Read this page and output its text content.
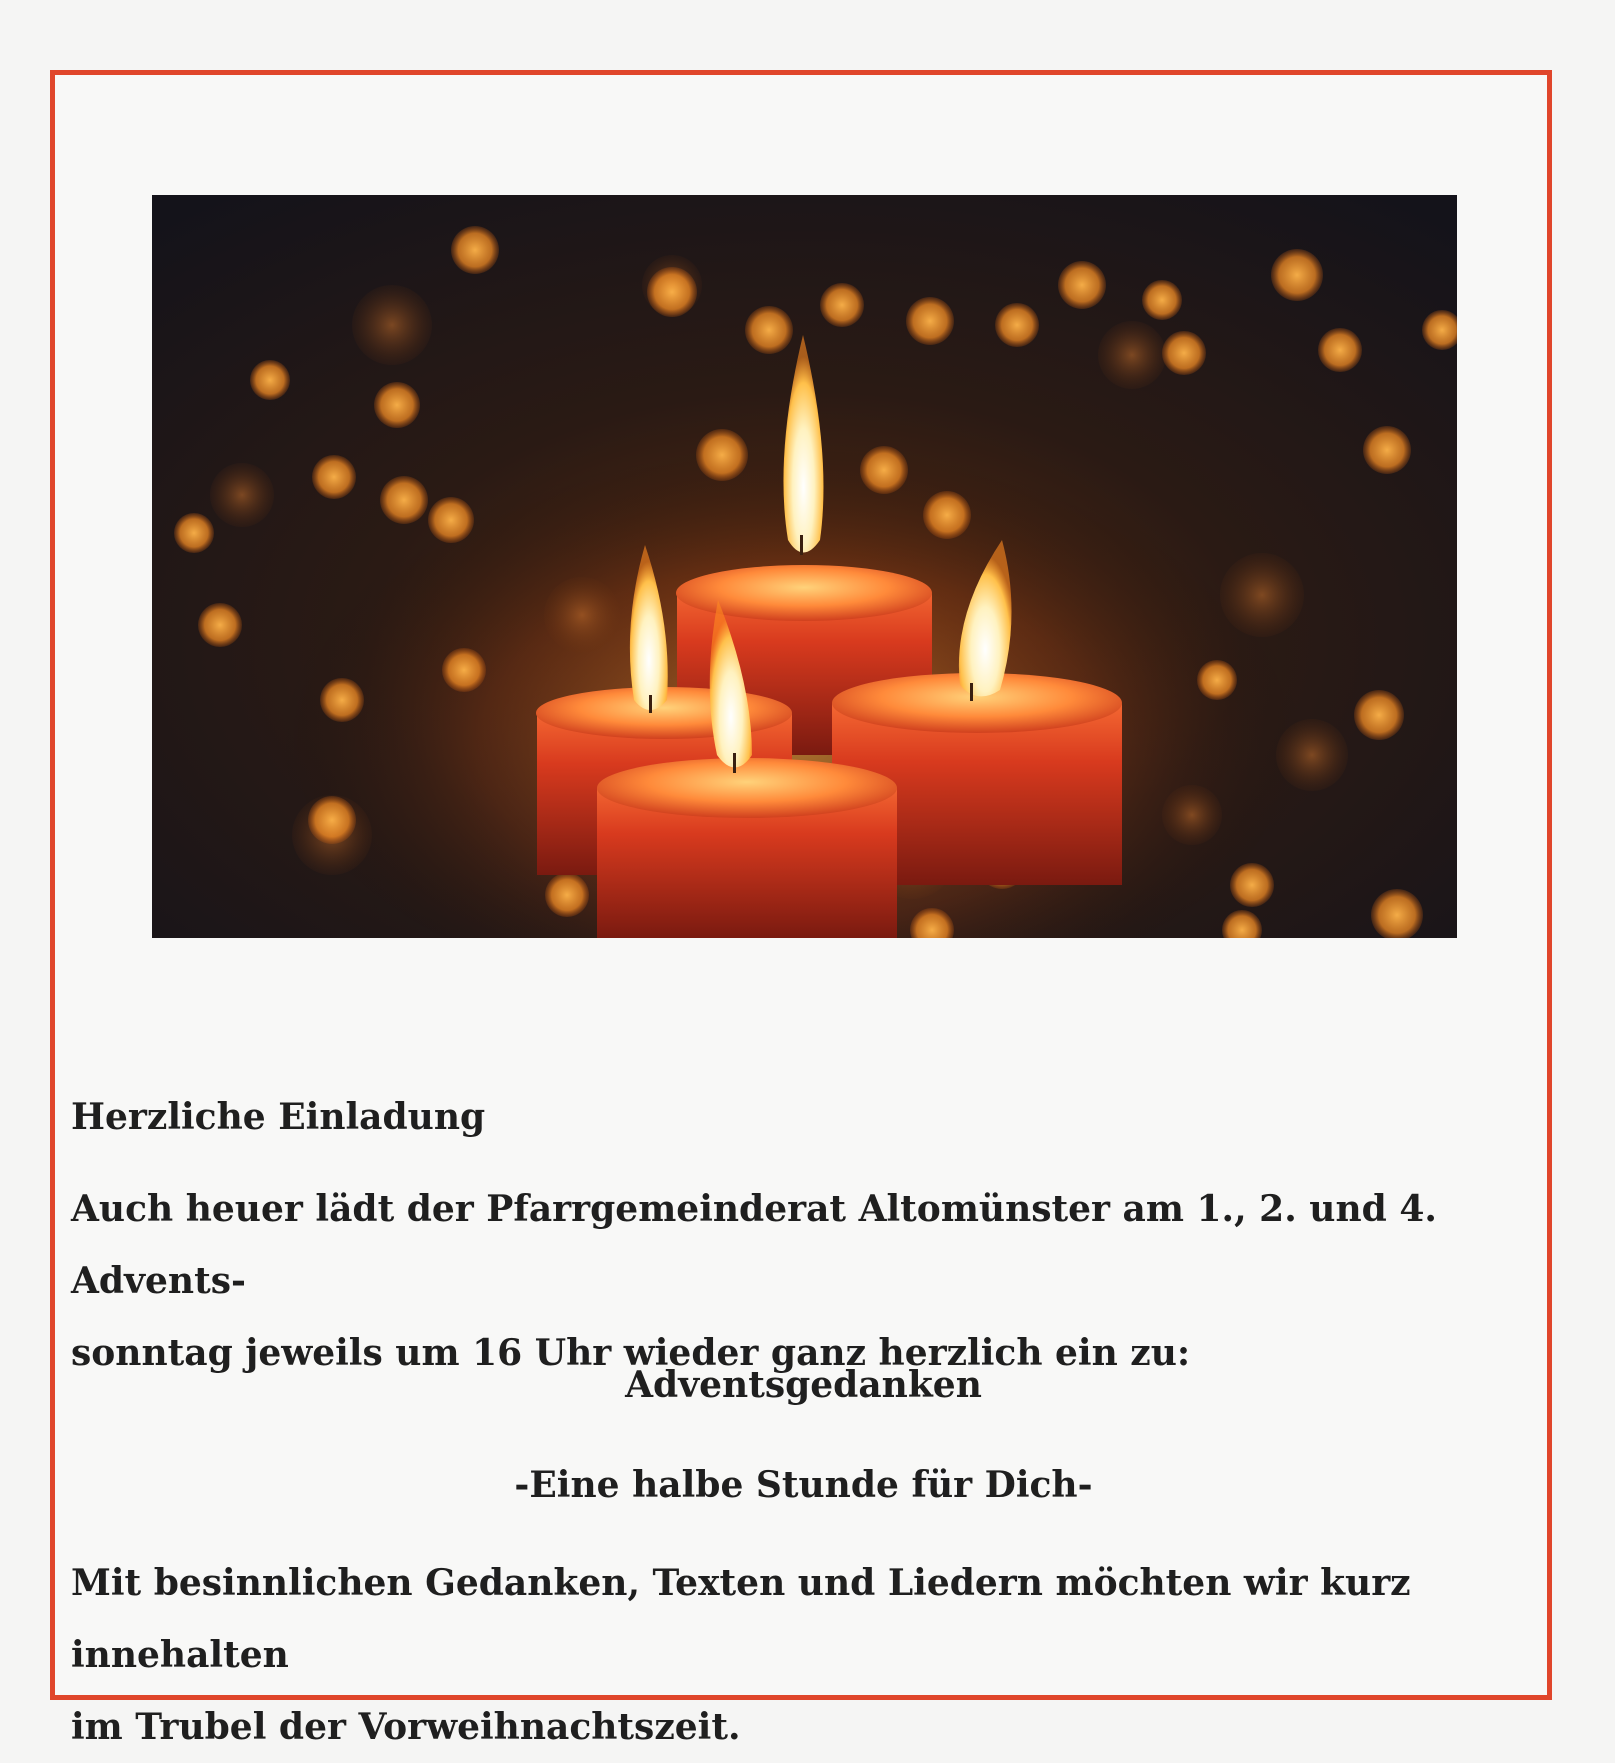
Herzliche Einladung
Auch heuer lädt der Pfarrgemeinderat Altomünster am 1., 2. und 4. Advents-
sonntag jeweils um 16 Uhr wieder ganz herzlich ein zu:
Adventsgedanken
-Eine halbe Stunde für Dich-
Mit besinnlichen Gedanken, Texten und Liedern möchten wir kurz innehalten
im Trubel der Vorweihnachtszeit.
